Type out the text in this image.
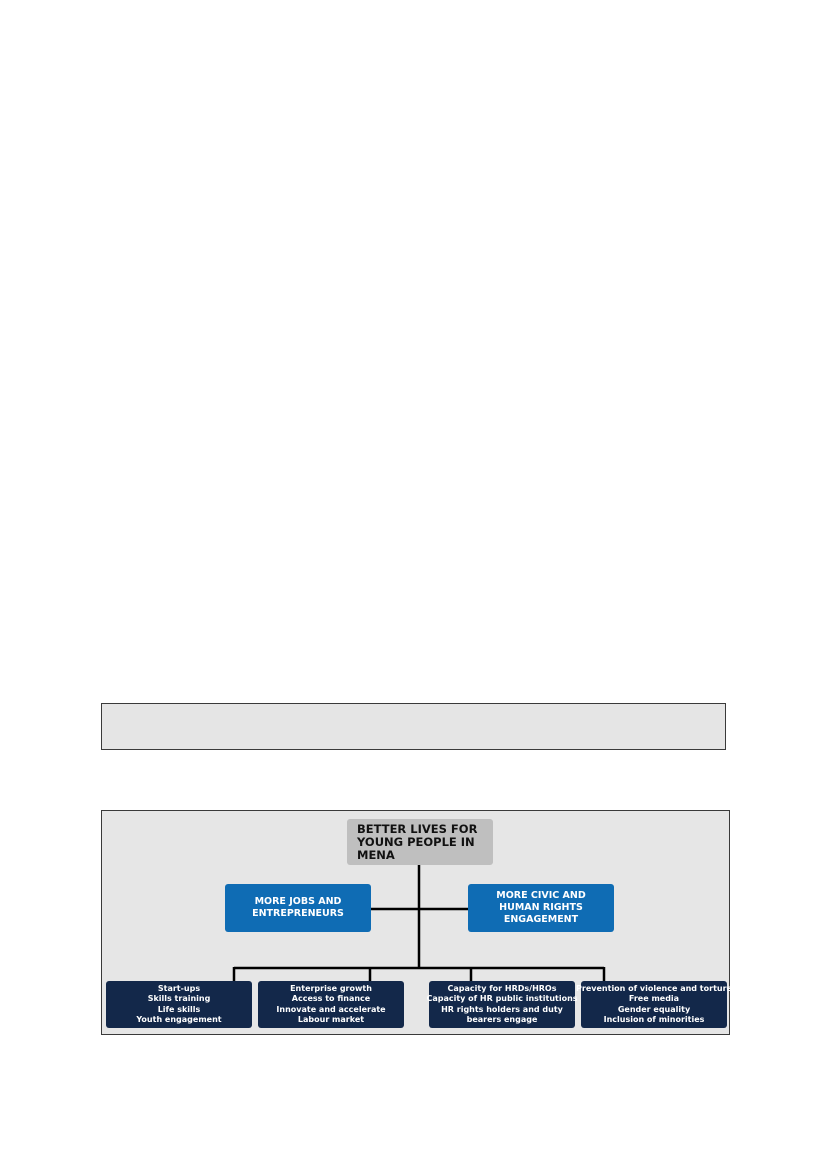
BETTER LIVES FOR
YOUNG PEOPLE IN
MENA
MORE JOBS AND
ENTREPRENEURS
MORE CIVIC AND
HUMAN RIGHTS
ENGAGEMENT
Start-ups
Skills training
Life skills
Youth engagement
Enterprise growth
Access to finance
Innovate and accelerate
Labour market
Capacity for HRDs/HROs
Capacity of HR public institutions
HR rights holders and duty
bearers engage
Prevention of violence and torture
Free media
Gender equality
Inclusion of minorities
